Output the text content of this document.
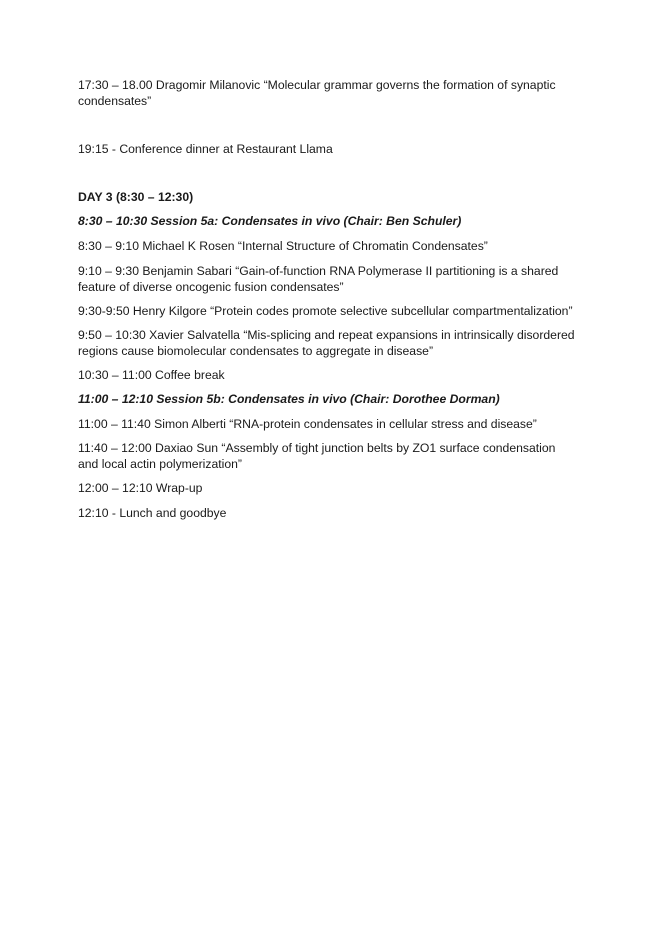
17:30 – 18.00 Dragomir Milanovic “Molecular grammar governs the formation of synaptic
condensates”
19:15 - Conference dinner at Restaurant Llama
DAY 3 (8:30 – 12:30)
8:30 – 10:30 Session 5a: Condensates in vivo (Chair: Ben Schuler)
8:30 – 9:10 Michael K Rosen “Internal Structure of Chromatin Condensates”
9:10 – 9:30 Benjamin Sabari “Gain-of-function RNA Polymerase II partitioning is a shared
feature of diverse oncogenic fusion condensates”
9:30-9:50 Henry Kilgore “Protein codes promote selective subcellular compartmentalization”
9:50 – 10:30 Xavier Salvatella “Mis-splicing and repeat expansions in intrinsically disordered
regions cause biomolecular condensates to aggregate in disease”
10:30 – 11:00 Coffee break
11:00 – 12:10 Session 5b: Condensates in vivo (Chair: Dorothee Dorman)
11:00 – 11:40 Simon Alberti “RNA-protein condensates in cellular stress and disease”
11:40 – 12:00 Daxiao Sun “Assembly of tight junction belts by ZO1 surface condensation
and local actin polymerization”
12:00 – 12:10 Wrap-up
12:10 - Lunch and goodbye
